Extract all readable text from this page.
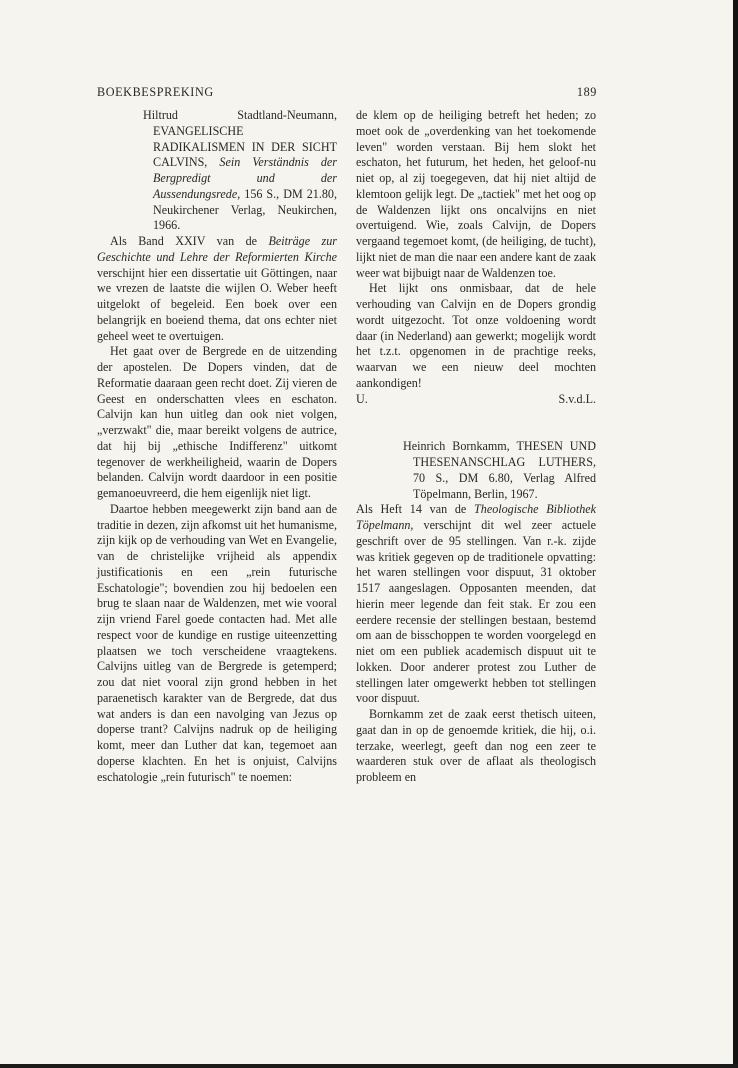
BOEKBESPREKING	189
Hiltrud Stadtland-Neumann, EVANGELISCHE RADIKALISMEN IN DER SICHT CALVINS, Sein Verständnis der Bergpredigt und der Aussendungsrede, 156 S., DM 21.80, Neukirchener Verlag, Neukirchen, 1966.

Als Band XXIV van de Beiträge zur Geschichte und Lehre der Reformierten Kirche verschijnt hier een dissertatie uit Göttingen, naar we vrezen de laatste die wijlen O. Weber heeft uitgelokt of begeleid. Een boek over een belangrijk en boeiend thema, dat ons echter niet geheel weet te overtuigen.

Het gaat over de Bergrede en de uitzending der apostelen. De Dopers vinden, dat de Reformatie daaraan geen recht doet. Zij vieren de Geest en onderschatten vlees en eschaton. Calvijn kan hun uitleg dan ook niet volgen, „verzwakt" die, maar bereikt volgens de autrice, dat hij bij „ethische Indifferenz" uitkomt tegenover de werkheiligheid, waarin de Dopers belanden. Calvijn wordt daardoor in een positie gemanoeuvreerd, die hem eigenlijk niet ligt.

Daartoe hebben meegewerkt zijn band aan de traditie in dezen, zijn afkomst uit het humanisme, zijn kijk op de verhouding van Wet en Evangelie, van de christelijke vrijheid als appendix justificationis en een „rein futurische Eschatologie"; bovendien zou hij bedoelen een brug te slaan naar de Waldenzen, met wie vooral zijn vriend Farel goede contacten had. Met alle respect voor de kundige en rustige uiteenzetting plaatsen we toch verscheidene vraagtekens. Calvijns uitleg van de Bergrede is getemperd; zou dat niet vooral zijn grond hebben in het paraenetisch karakter van de Bergrede, dat dus wat anders is dan een navolging van Jezus op doperse trant? Calvijns nadruk op de heiliging komt, meer dan Luther dat kan, tegemoet aan doperse klachten. En het is onjuist, Calvijns eschatologie „rein futurisch" te noemen:

de klem op de heiliging betreft het heden; zo moet ook de „overdenking van het toekomende leven" worden verstaan. Bij hem slokt het eschaton, het futurum, het heden, het geloof-nu niet op, al zij toegegeven, dat hij niet altijd de klemtoon gelijk legt. De „tactiek" met het oog op de Waldenzen lijkt ons oncalvijns en niet overtuigend. Wie, zoals Calvijn, de Dopers vergaand tegemoet komt, (de heiliging, de tucht), lijkt niet de man die naar een andere kant de zaak weer wat bijbuigt naar de Waldenzen toe.

Het lijkt ons onmisbaar, dat de hele verhouding van Calvijn en de Dopers grondig wordt uitgezocht. Tot onze voldoening wordt daar (in Nederland) aan gewerkt; mogelijk wordt het t.z.t. opgenomen in de prachtige reeks, waarvan we een nieuw deel mochten aankondigen!

U.	S.v.d.L.
Heinrich Bornkamm, THESEN UND THESENANSCHLAG LUTHERS, 70 S., DM 6.80, Verlag Alfred Töpelmann, Berlin, 1967.

Als Heft 14 van de Theologische Bibliothek Töpelmann, verschijnt dit wel zeer actuele geschrift over de 95 stellingen. Van r.-k. zijde was kritiek gegeven op de traditionele opvatting: het waren stellingen voor dispuut, 31 oktober 1517 aangeslagen. Opposanten meenden, dat hierin meer legende dan feit stak. Er zou een eerdere recensie der stellingen bestaan, bestemd om aan de bisschoppen te worden voorgelegd en niet om een publiek academisch dispuut uit te lokken. Door anderer protest zou Luther de stellingen later omgewerkt hebben tot stellingen voor dispuut.

Bornkamm zet de zaak eerst thetisch uiteen, gaat dan in op de genoemde kritiek, die hij, o.i. terzake, weerlegt, geeft dan nog een zeer te waarderen stuk over de aflaat als theologisch probleem en
